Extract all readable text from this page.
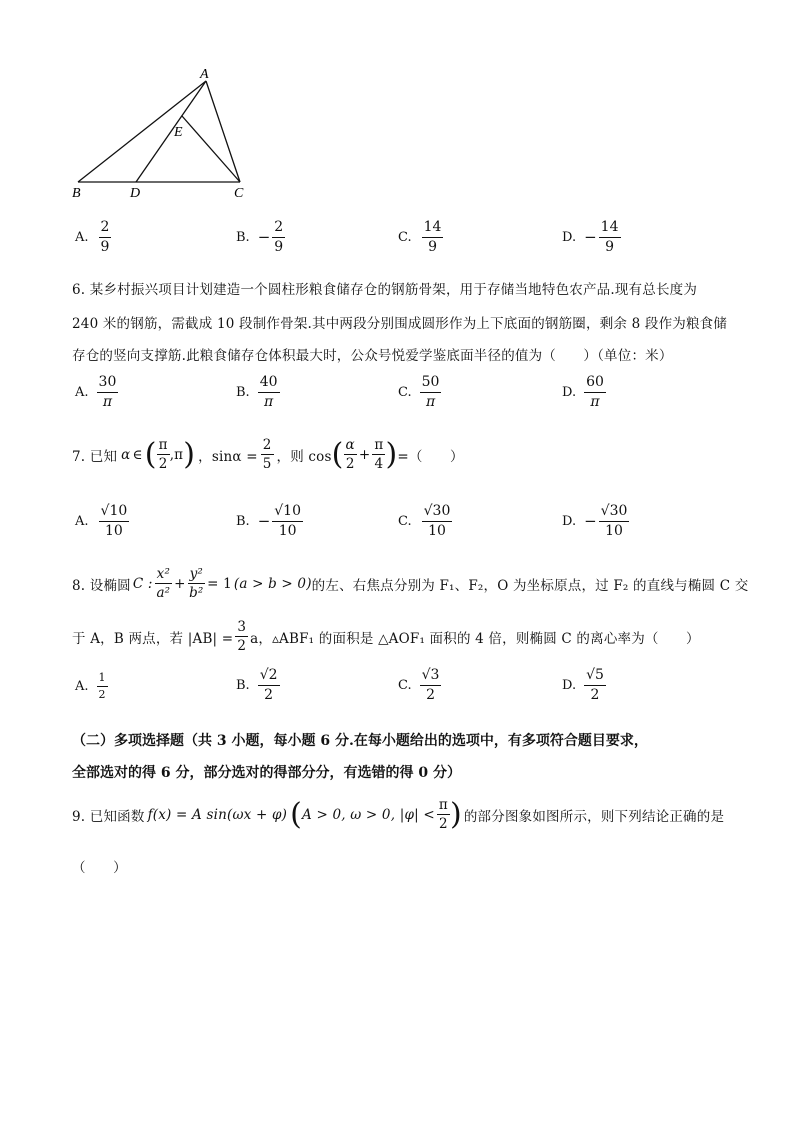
A
E
B	D	C
A. $\frac{2}{9}$	B. − $\frac{2}{9}$	C. $\frac{14}{9}$	D. − $\frac{14}{9}$
6. 某乡村振兴项目计划建造一个圆柱形粮食储存仓的钢筋骨架，用于存储当地特色农产品.现有总长度为
240 米的钢筋，需截成 10 段制作骨架.其中两段分别围成圆形作为上下底面的钢筋圈，剩余 8 段作为粮食储
存仓的竖向支撑筋.此粮食储存仓体积最大时，公众号悦爱学鉴底面半径的值为（　　）（单位：米）
A. $\frac{30}{\pi}$	B. $\frac{40}{\pi}$	C. $\frac{50}{\pi}$	D. $\frac{60}{\pi}$
7. 已知 α ∈ ( $\frac{\pi}{2} ,\pi$ ) ，$\sin\alpha = \frac{2}{5}$ ，则 cos ( $\frac{\alpha}{2} + \frac{\pi}{4}$ ) =（　　）
A. $\frac{√10}{10}$	B. − $\frac{√10}{10}$	C. $\frac{√30}{10}$	D. − $\frac{√30}{10}$
8. 设椭圆 C : $\frac{\text{x²}}{\text{a²}} + \frac{\text{y²}}{\text{b²}} = 1$ (a > b > 0) 的左、右焦点分别为 F₁、F₂，O 为坐标原点，过 F₂ 的直线与椭圆 C 交
于 A，B 两点，若 $|AB| = \frac{3}{2}$ a，▵ABF₁ 的面积是 △AOF₁ 面积的 4 倍，则椭圆 C 的离心率为（　　）
A. $\frac{1}{2}$	B. $\frac{√2}{2}$	C. $\frac{√3}{2}$	D. $\frac{√5}{2}$
（二）多项选择题（共 3 小题，每小题 6 分.在每小题给出的选项中，有多项符合题目要求，
全部选对的得 6 分，部分选对的得部分分，有选错的得 0 分）
9. 已知函数 f(x) = A sin(ωx + φ) ( A > 0, ω > 0, $|\varphi| < \frac{\pi}{2}$ ) 的部分图象如图所示，则下列结论正确的是
（　　）
